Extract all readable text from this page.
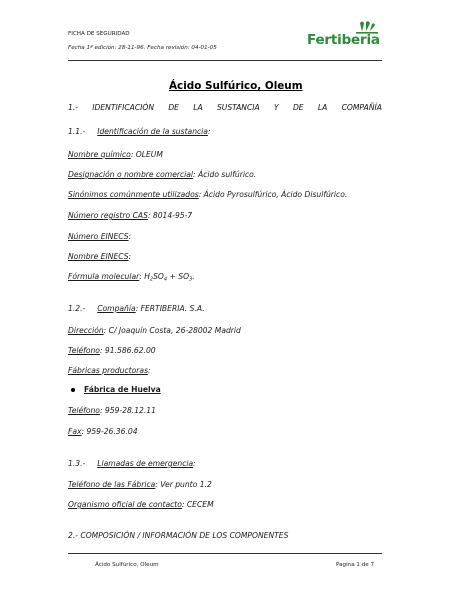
FICHA DE SEGURIDAD
Fecha 1ª edición: 28-11-96. Fecha revisión: 04-01-05	Fertiberia
Ácido Sulfúrico, Oleum
1.- IDENTIFICACIÓN DE LA SUSTANCIA Y DE LA COMPAÑÍA
1.1.- Identificación de la sustancia:
Nombre químico: OLEUM
Designación o nombre comercial: Ácido sulfúrico.
Sinónimos comúnmente utilizados: Ácido Pyrosulfúrico, Ácido Disulfúrico.
Número registro CAS: 8014-95-7
Número EINECS:
Nombre EINECS:
Fórmula molecular: $H_2SO_4 + SO_3$.
1.2.- Compañía: FERTIBERIA. S.A.
Dirección: C/ Joaquín Costa, 26-28002 Madrid
Teléfono: 91.586.62.00
Fábricas productoras:
Fábrica de Huelva
Teléfono: 959-28.12.11
Fax: 959-26.36.04
1.3.- Llamadas de emergencia:
Teléfono de las Fábrica: Ver punto 1.2
Organismo oficial de contacto: CECEM
2.- COMPOSICIÓN / INFORMACIÓN DE LOS COMPONENTES
Ácido Sulfúrico, Oleum	Pagina 1 de 7
